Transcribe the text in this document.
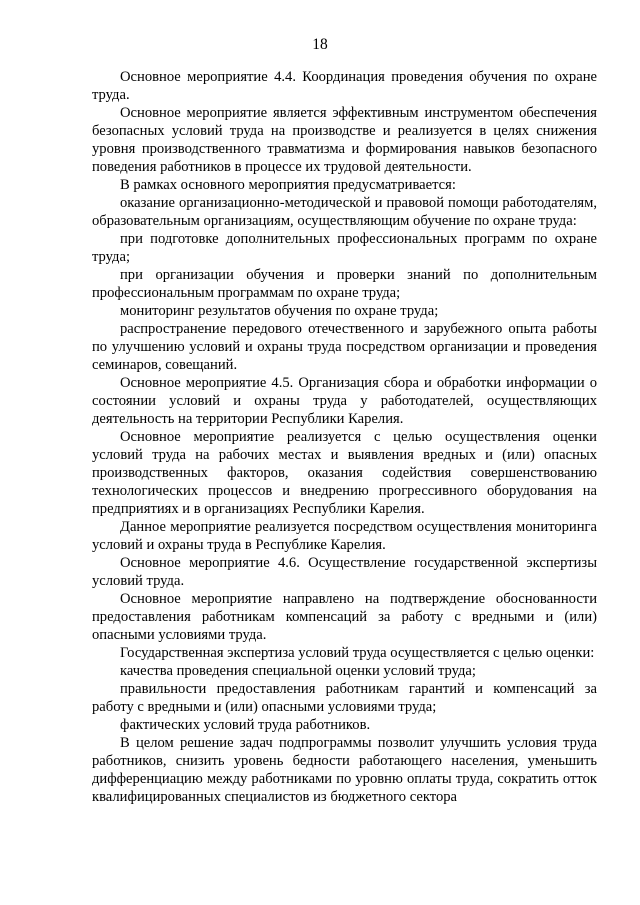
18

Основное мероприятие 4.4. Координация проведения обучения по охране труда.

Основное мероприятие является эффективным инструментом обеспечения безопасных условий труда на производстве и реализуется в целях снижения уровня производственного травматизма и формирования навыков безопасного поведения работников в процессе их трудовой деятельности.

В рамках основного мероприятия предусматривается:

оказание организационно-методической и правовой помощи работодателям, образовательным организациям, осуществляющим обучение по охране труда:

при подготовке дополнительных профессиональных программ по охране труда;

при организации обучения и проверки знаний по дополнительным профессиональным программам по охране труда;

мониторинг результатов обучения по охране труда;

распространение передового отечественного и зарубежного опыта работы по улучшению условий и охраны труда посредством организации и проведения семинаров, совещаний.

Основное мероприятие 4.5. Организация сбора и обработки информации о состоянии условий и охраны труда у работодателей, осуществляющих деятельность на территории Республики Карелия.

Основное мероприятие реализуется с целью осуществления оценки условий труда на рабочих местах и выявления вредных и (или) опасных производственных факторов, оказания содействия совершенствованию технологических процессов и внедрению прогрессивного оборудования на предприятиях и в организациях Республики Карелия.

Данное мероприятие реализуется посредством осуществления мониторинга условий и охраны труда в Республике Карелия.

Основное мероприятие 4.6. Осуществление государственной экспертизы условий труда.

Основное мероприятие направлено на подтверждение обоснованности предоставления работникам компенсаций за работу с вредными и (или) опасными условиями труда.

Государственная экспертиза условий труда осуществляется с целью оценки:

качества проведения специальной оценки условий труда;

правильности предоставления работникам гарантий и компенсаций за работу с вредными и (или) опасными условиями труда;

фактических условий труда работников.

В целом решение задач подпрограммы позволит улучшить условия труда работников, снизить уровень бедности работающего населения, уменьшить дифференциацию между работниками по уровню оплаты труда, сократить отток квалифицированных специалистов из бюджетного сектора
